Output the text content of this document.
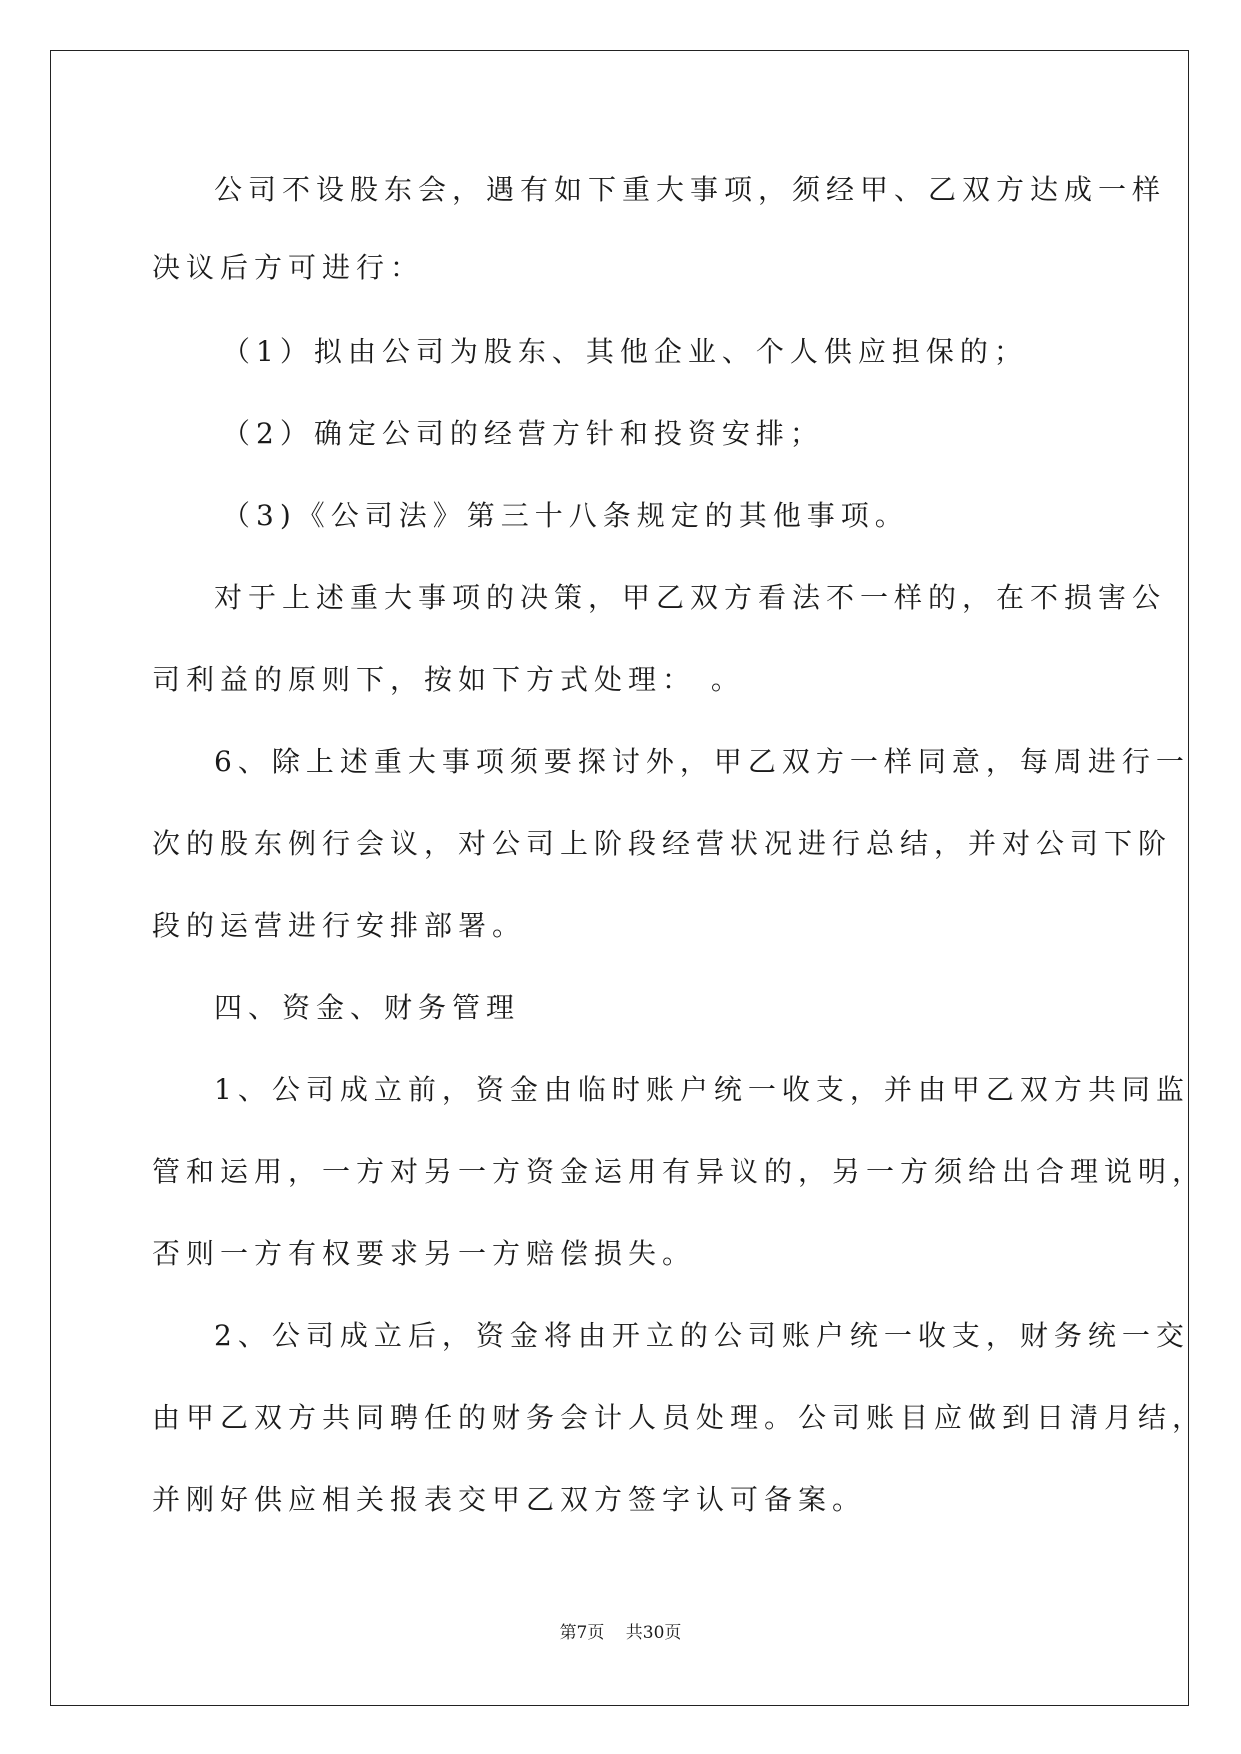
公司不设股东会，遇有如下重大事项，须经甲、乙双方达成一样
决议后方可进行：
（1）拟由公司为股东、其他企业、个人供应担保的；
（2）确定公司的经营方针和投资安排；
（3)《公司法》第三十八条规定的其他事项。
对于上述重大事项的决策，甲乙双方看法不一样的，在不损害公
司利益的原则下，按如下方式处理： 。
6、除上述重大事项须要探讨外，甲乙双方一样同意，每周进行一
次的股东例行会议，对公司上阶段经营状况进行总结，并对公司下阶
段的运营进行安排部署。
四、资金、财务管理
1、公司成立前，资金由临时账户统一收支，并由甲乙双方共同监
管和运用，一方对另一方资金运用有异议的，另一方须给出合理说明，
否则一方有权要求另一方赔偿损失。
2、公司成立后，资金将由开立的公司账户统一收支，财务统一交
由甲乙双方共同聘任的财务会计人员处理。公司账目应做到日清月结，
并刚好供应相关报表交甲乙双方签字认可备案。
第7页 共30页
